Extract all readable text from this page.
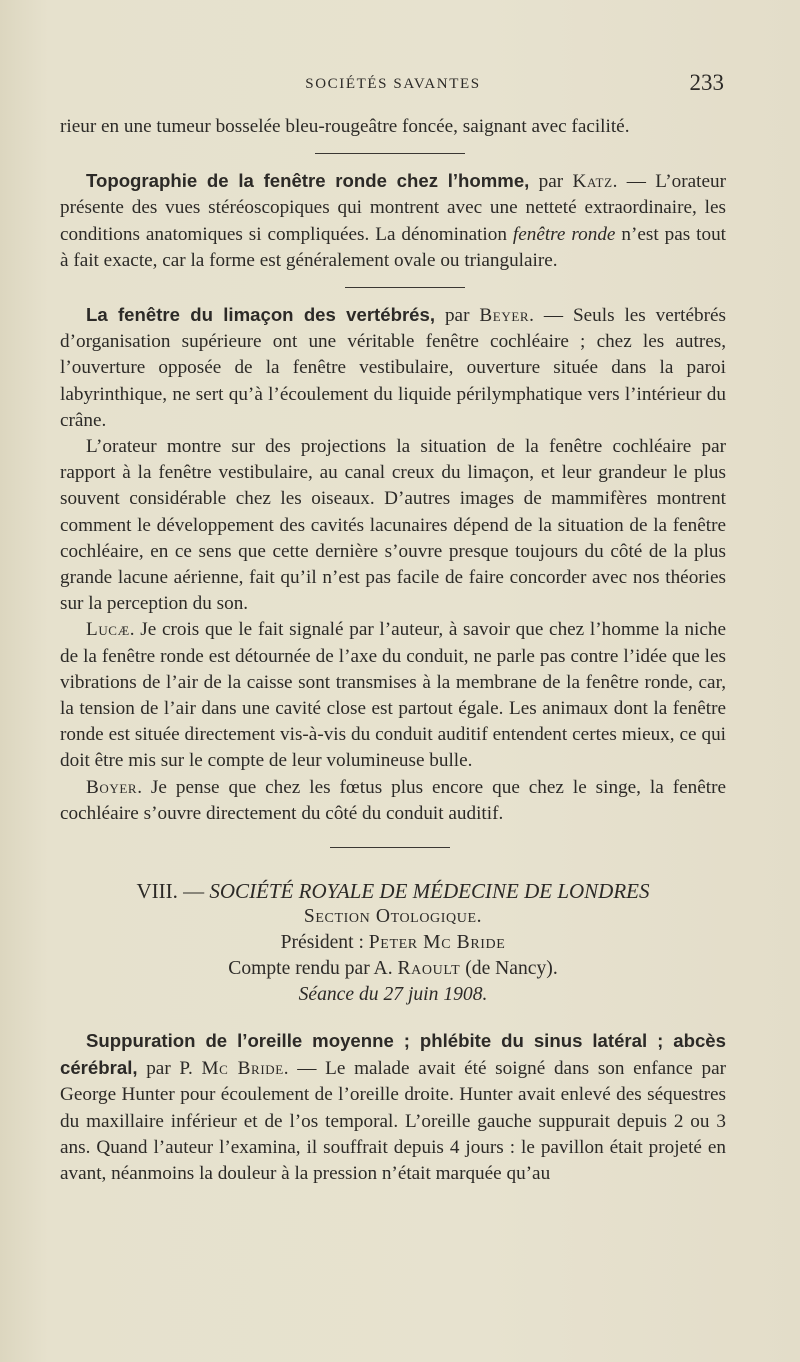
SOCIÉTÉS SAVANTES	233

rieur en une tumeur bosselée bleu-rougeâtre foncée, saignant avec facilité.

Topographie de la fenêtre ronde chez l’homme, par Katz. — L’orateur présente des vues stéréoscopiques qui montrent avec une netteté extraordinaire, les conditions anatomiques si compliquées. La dénomination fenêtre ronde n’est pas tout à fait exacte, car la forme est généralement ovale ou triangulaire.

La fenêtre du limaçon des vertébrés, par Beyer. — Seuls les vertébrés d’organisation supérieure ont une véritable fenêtre cochléaire ; chez les autres, l’ouverture opposée de la fenêtre vestibulaire, ouverture située dans la paroi labyrinthique, ne sert qu’à l’écoulement du liquide périlymphatique vers l’intérieur du crâne.

L’orateur montre sur des projections la situation de la fenêtre cochléaire par rapport à la fenêtre vestibulaire, au canal creux du limaçon, et leur grandeur le plus souvent considérable chez les oiseaux. D’autres images de mammifères montrent comment le développement des cavités lacunaires dépend de la situation de la fenêtre cochléaire, en ce sens que cette dernière s’ouvre presque toujours du côté de la plus grande lacune aérienne, fait qu’il n’est pas facile de faire concorder avec nos théories sur la perception du son.

Lucæ. Je crois que le fait signalé par l’auteur, à savoir que chez l’homme la niche de la fenêtre ronde est détournée de l’axe du conduit, ne parle pas contre l’idée que les vibrations de l’air de la caisse sont transmises à la membrane de la fenêtre ronde, car, la tension de l’air dans une cavité close est partout égale. Les animaux dont la fenêtre ronde est située directement vis-à-vis du conduit auditif entendent certes mieux, ce qui doit être mis sur le compte de leur volumineuse bulle.

Boyer. Je pense que chez les fœtus plus encore que chez le singe, la fenêtre cochléaire s’ouvre directement du côté du conduit auditif.

VIII. — SOCIÉTÉ ROYALE DE MÉDECINE DE LONDRES
Section Otologique.
Président : Peter Mc Bride
Compte rendu par A. Raoult (de Nancy).
Séance du 27 juin 1908.

Suppuration de l’oreille moyenne ; phlébite du sinus latéral ; abcès cérébral, par P. Mc Bride. — Le malade avait été soigné dans son enfance par George Hunter pour écoulement de l’oreille droite. Hunter avait enlevé des séquestres du maxillaire inférieur et de l’os temporal. L’oreille gauche suppurait depuis 2 ou 3 ans. Quand l’auteur l’examina, il souffrait depuis 4 jours : le pavillon était projeté en avant, néanmoins la douleur à la pression n’était marquée qu’au
